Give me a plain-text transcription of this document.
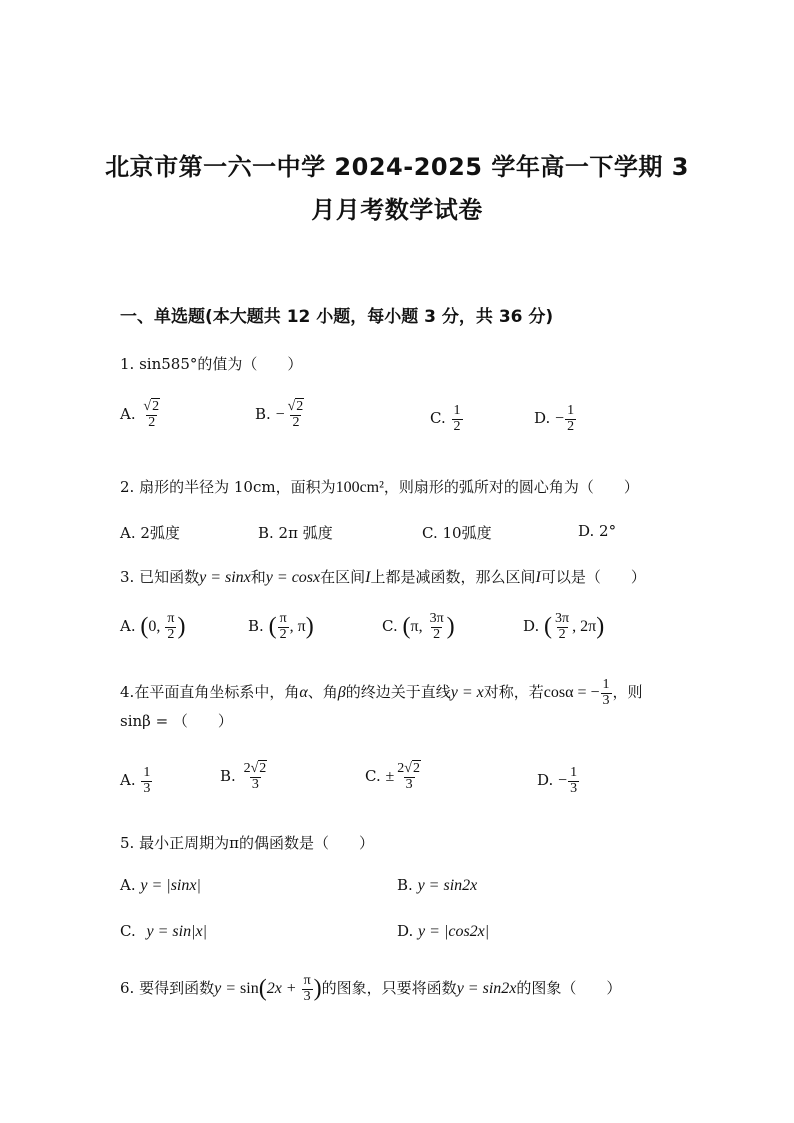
北京市第一六一中学 2024-2025 学年高一下学期 3
月月考数学试卷
一、单选题(本大题共 12 小题，每小题 3 分，共 36 分)
1. sin585°的值为（　　）
A. $\frac{√2}{2}$	B. − $\frac{√2}{2}$	C. $\frac{1}{2}$	D. − $\frac{1}{2}$
2. 扇形的半径为 10cm，面积为100cm²，则扇形的弧所对的圆心角为（　　）
A. 2弧度	B. 2π 弧度	C. 10弧度	D. 2°
3. 已知函数y = sinx和y = cosx在区间I上都是减函数，那么区间I可以是（　　）
A. (0, $\frac{\pi}{2}$ )	B. ( $\frac{\pi}{2}$ , π)	C. (π, $\frac{3\pi}{2}$ )	D. ( $\frac{3\pi}{2}$ , 2π)
4.在平面直角坐标系中，角α、角β的终边关于直线y = x对称，若cosα = − $\frac{1}{3}$ ，则
sinβ = （　　）
A. $\frac{1}{3}$	B. $\frac{2√2}{3}$	C. ± $\frac{2√2}{3}$	D. − $\frac{1}{3}$
5. 最小正周期为π的偶函数是（　　）
A. y = |sinx|	B. y = sin2x
C. y = sin|x|	D. y = |cos2x|
6. 要得到函数$y = \sin(2x + \frac{\pi}{3}$ )的图象，只要将函数y = sin2x的图象（　　）
